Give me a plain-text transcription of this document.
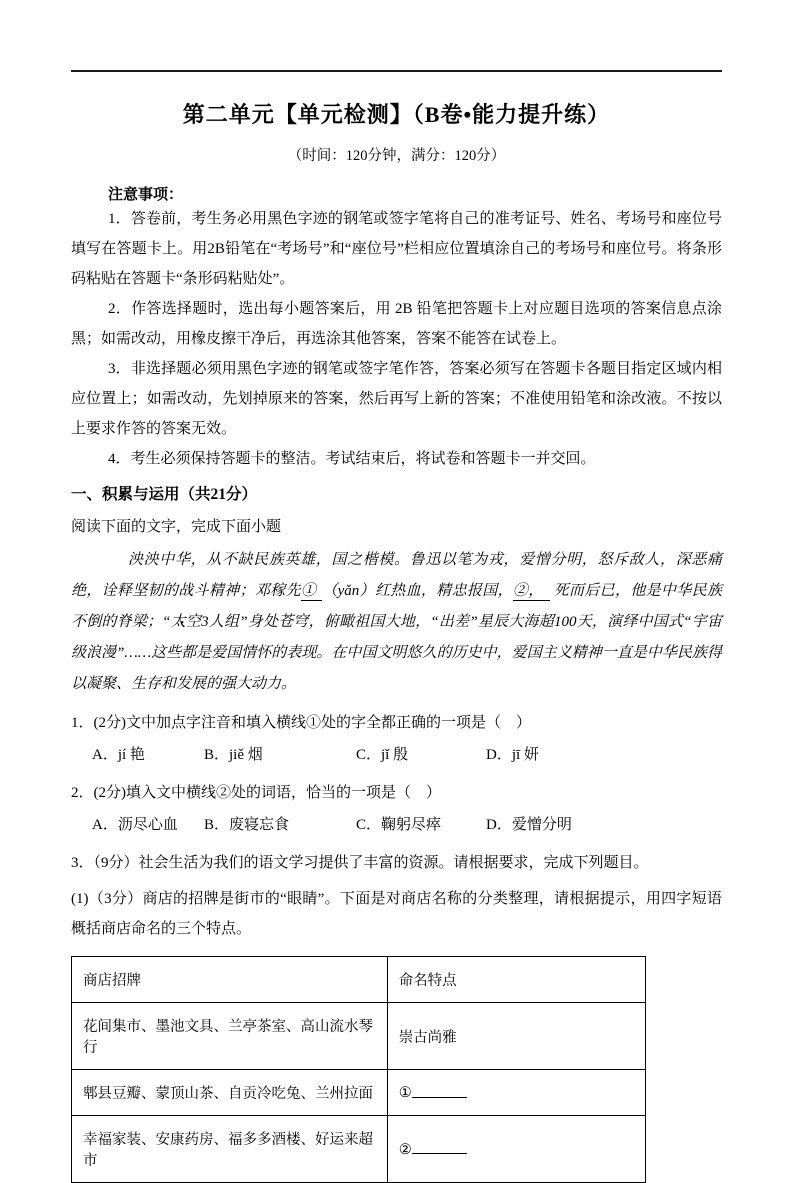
第二单元【单元检测】（B卷•能力提升练）
（时间：120分钟，满分：120分）
注意事项：

1．答卷前，考生务必用黑色字迹的钢笔或签字笔将自己的准考证号、姓名、考场号和座位号填写在答题卡上。用2B铅笔在“考场号”和“座位号”栏相应位置填涂自己的考场号和座位号。将条形码粘贴在答题卡“条形码粘贴处”。

2．作答选择题时，选出每小题答案后，用 2B 铅笔把答题卡上对应题目选项的答案信息点涂黑；如需改动，用橡皮擦干净后，再选涂其他答案，答案不能答在试卷上。

3．非选择题必须用黑色字迹的钢笔或签字笔作答，答案必须写在答题卡各题目指定区域内相应位置上；如需改动，先划掉原来的答案，然后再写上新的答案；不准使用铅笔和涂改液。不按以上要求作答的答案无效。

4．考生必须保持答题卡的整洁。考试结束后，将试卷和答题卡一并交回。

一、积累与运用（共21分）
阅读下面的文字，完成下面小题

泱泱中华，从不缺民族英雄，国之楷模。鲁迅以笔为戎，爱憎分明，怒斥敌人，深恶痛绝，诠释坚韧的战斗精神；邓稼先① （yǎn）红热血，精忠报国，②， 死而后已，他是中华民族不倒的脊 •梁；“太空3人组”身处苍穹，俯瞰祖国大地，“出差”星辰大海超100天，演绎中国式“宇宙级浪漫”……这些都是爱国情怀的表现。在中国文明悠久的历史中，爱国主义精神一直是中华民族得以凝聚、生存和发展的强大动力。

1．(2分)文中加点字注音和填入横线①处的字全都正确的一项是（　）
A．jí 艳	B．jiě 烟	C．jǐ 殷	D．jī 妍
2．(2分)填入文中横线②处的词语，恰当的一项是（　）
A．沥尽心血	B．废寝忘食	C．鞠躬尽瘁	D．爱憎分明
3．（9分）社会生活为我们的语文学习提供了丰富的资源。请根据要求，完成下列题目。
(1)（3分）商店的招牌是街市的“眼睛”。下面是对商店名称的分类整理，请根据提示，用四字短语概括商店命名的三个特点。
商店招牌	命名特点
花间集市、墨池文具、兰亭茶室、高山流水琴行	崇古尚雅
郫县豆瓣、蒙顶山茶、自贡冷吃兔、兰州拉面	①
幸福家装、安康药房、福多多酒楼、好运来超市	②
